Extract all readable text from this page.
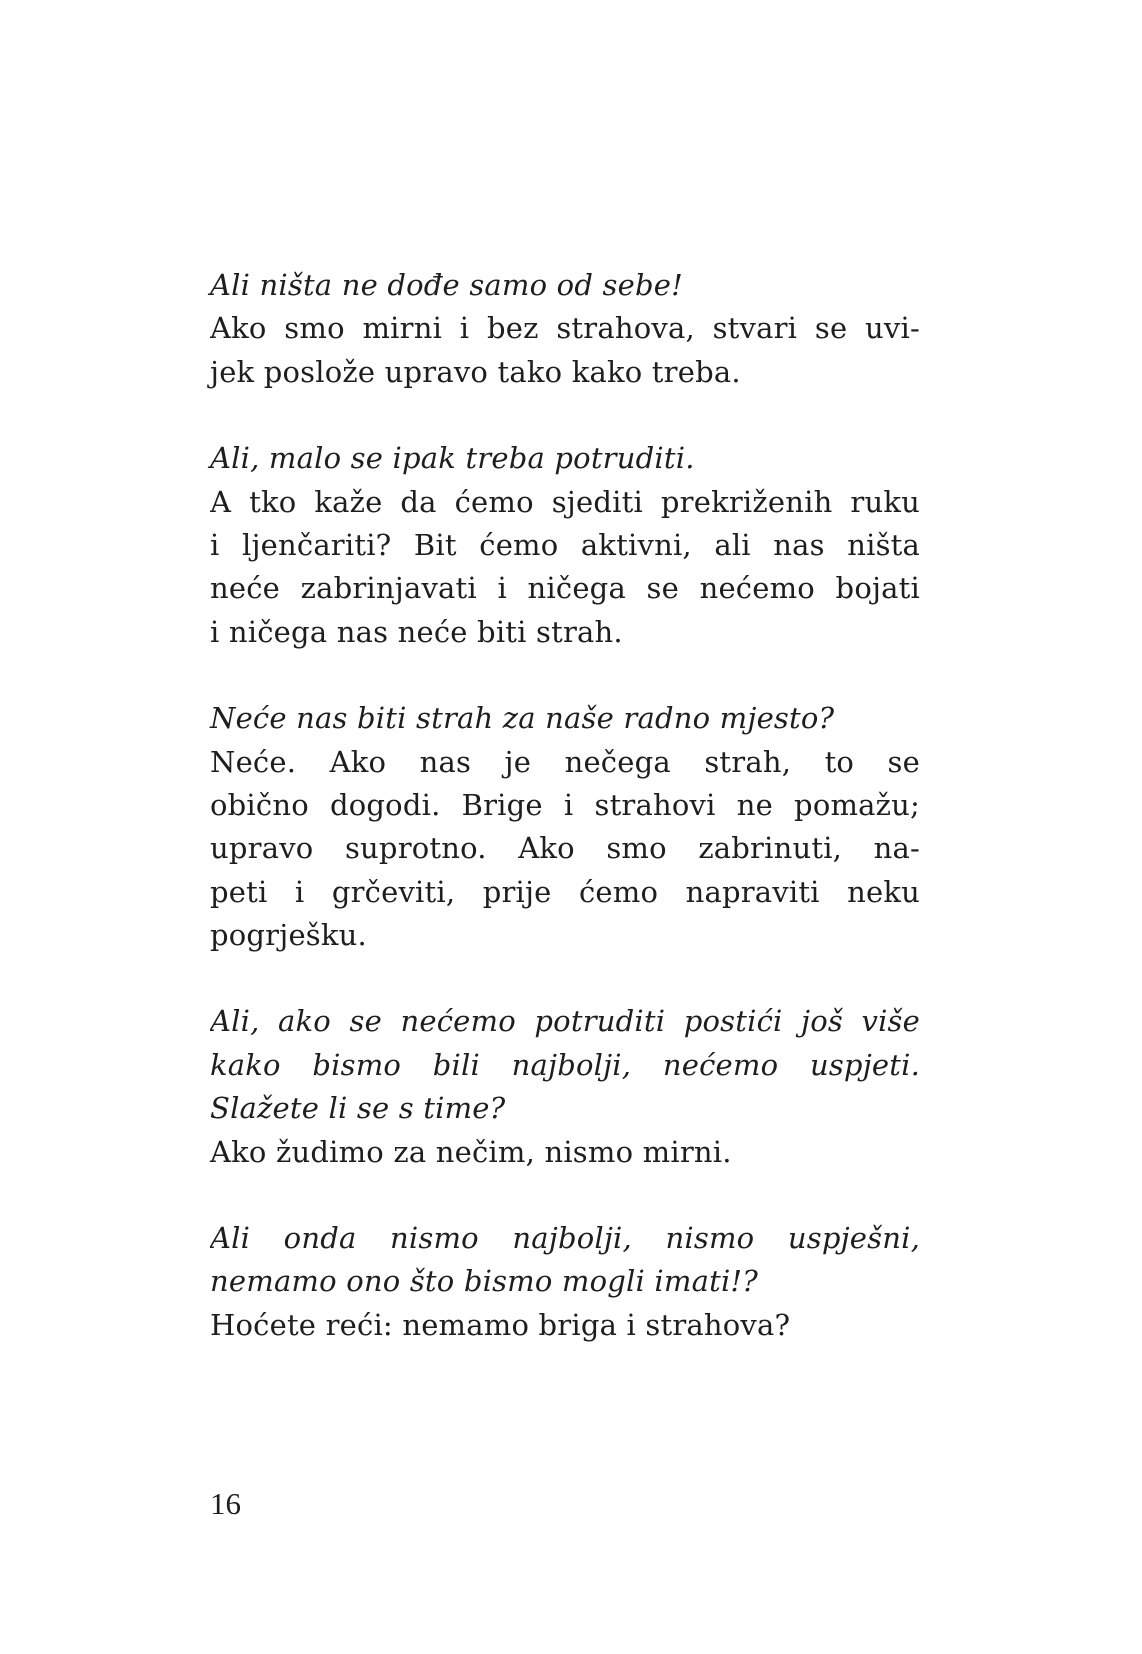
Ali ništa ne dođe samo od sebe!
Ako smo mirni i bez strahova, stvari se uvi-
jek poslože upravo tako kako treba.
Ali, malo se ipak treba potruditi.
A tko kaže da ćemo sjediti prekriženih ruku
i ljenčariti? Bit ćemo aktivni, ali nas ništa
neće zabrinjavati i ničega se nećemo bojati
i ničega nas neće biti strah.
Neće nas biti strah za naše radno mjesto?
Neće. Ako nas je nečega strah, to se
obično dogodi. Brige i strahovi ne pomažu;
upravo suprotno. Ako smo zabrinuti, na-
peti i grčeviti, prije ćemo napraviti neku
pogrješku.
Ali, ako se nećemo potruditi postići još više
kako bismo bili najbolji, nećemo uspjeti.
Slažete li se s time?
Ako žudimo za nečim, nismo mirni.
Ali onda nismo najbolji, nismo uspješni,
nemamo ono što bismo mogli imati!?
Hoćete reći: nemamo briga i strahova?
16
